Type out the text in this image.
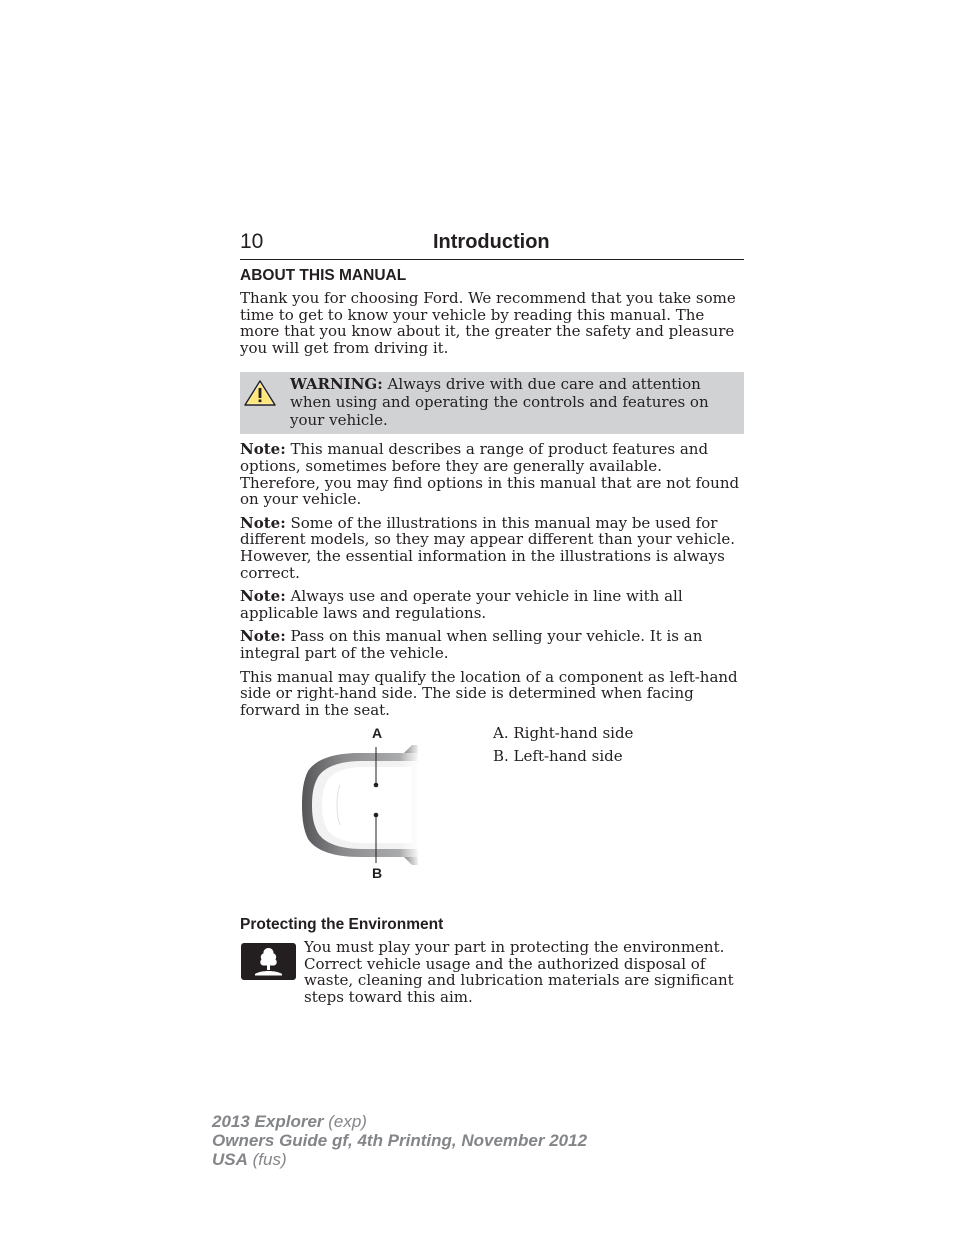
10	Introduction
ABOUT THIS MANUAL

Thank you for choosing Ford. We recommend that you take some time to get to know your vehicle by reading this manual. The more that you know about it, the greater the safety and pleasure you will get from driving it.

WARNING: Always drive with due care and attention when using and operating the controls and features on your vehicle.

Note: This manual describes a range of product features and options, sometimes before they are generally available. Therefore, you may find options in this manual that are not found on your vehicle.

Note: Some of the illustrations in this manual may be used for different models, so they may appear different than your vehicle. However, the essential information in the illustrations is always correct.

Note: Always use and operate your vehicle in line with all applicable laws and regulations.

Note: Pass on this manual when selling your vehicle. It is an integral part of the vehicle.

This manual may qualify the location of a component as left-hand side or right-hand side. The side is determined when facing forward in the seat.

A
B
A. Right-hand side
B. Left-hand side
Protecting the Environment
You must play your part in protecting the environment. Correct vehicle usage and the authorized disposal of waste, cleaning and lubrication materials are significant steps toward this aim.
2013 Explorer (exp)
Owners Guide gf, 4th Printing, November 2012
USA (fus)
